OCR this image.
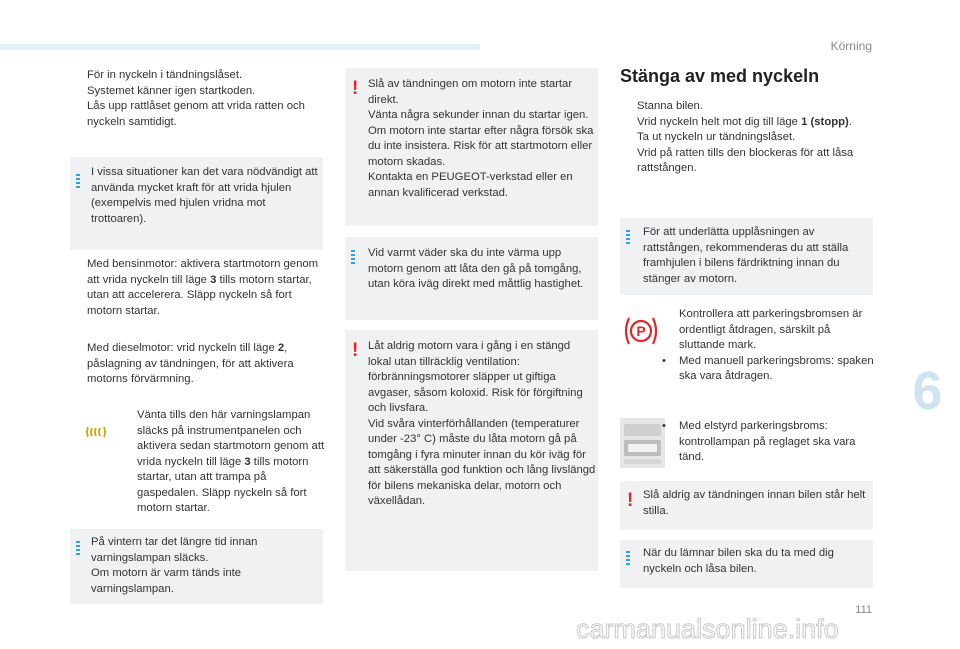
Körning
För in nyckeln i tändningslåset.
Systemet känner igen startkoden.
Lås upp rattlåset genom att vrida ratten och nyckeln samtidigt.
I vissa situationer kan det vara nödvändigt att använda mycket kraft för att vrida hjulen (exempelvis med hjulen vridna mot trottoaren).
Med bensinmotor: aktivera startmotorn genom att vrida nyckeln till läge 3 tills motorn startar, utan att accelerera. Släpp nyckeln så fort motorn startar.
Med dieselmotor: vrid nyckeln till läge 2, påslagning av tändningen, för att aktivera motorns förvärmning.
Vänta tills den här varningslampan släcks på instrumentpanelen och aktivera sedan startmotorn genom att vrida nyckeln till läge 3 tills motorn startar, utan att trampa på gaspedalen. Släpp nyckeln så fort motorn startar.
På vintern tar det längre tid innan varningslampan släcks.
Om motorn är varm tänds inte varningslampan.
! Slå av tändningen om motorn inte startar direkt.
Vänta några sekunder innan du startar igen. Om motorn inte startar efter några försök ska du inte insistera. Risk för att startmotorn eller motorn skadas.
Kontakta en PEUGEOT-verkstad eller en annan kvalificerad verkstad.
Vid varmt väder ska du inte värma upp motorn genom att låta den gå på tomgång, utan köra iväg direkt med måttlig hastighet.
! Låt aldrig motorn vara i gång i en stängd lokal utan tillräcklig ventilation: förbränningsmotorer släpper ut giftiga avgaser, såsom koloxid. Risk för förgiftning och livsfara.
Vid svåra vinterförhållanden (temperaturer under -23° C) måste du låta motorn gå på tomgång i fyra minuter innan du kör iväg för att säkerställa god funktion och lång livslängd för bilens mekaniska delar, motorn och växellådan.
Stänga av med nyckeln
Stanna bilen.
Vrid nyckeln helt mot dig till läge 1 (stopp).
Ta ut nyckeln ur tändningslåset.
Vrid på ratten tills den blockeras för att låsa rattstången.
För att underlätta upplåsningen av rattstången, rekommenderas du att ställa framhjulen i bilens färdriktning innan du stänger av motorn.
P
Kontrollera att parkeringsbromsen är ordentligt åtdragen, särskilt på sluttande mark.
•	Med manuell parkeringsbroms: spaken ska vara åtdragen.
•	Med elstyrd parkeringsbroms: kontrollampan på reglaget ska vara tänd.
! Slå aldrig av tändningen innan bilen står helt stilla.
När du lämnar bilen ska du ta med dig nyckeln och låsa bilen.
6
111
carmanualsonline.info
